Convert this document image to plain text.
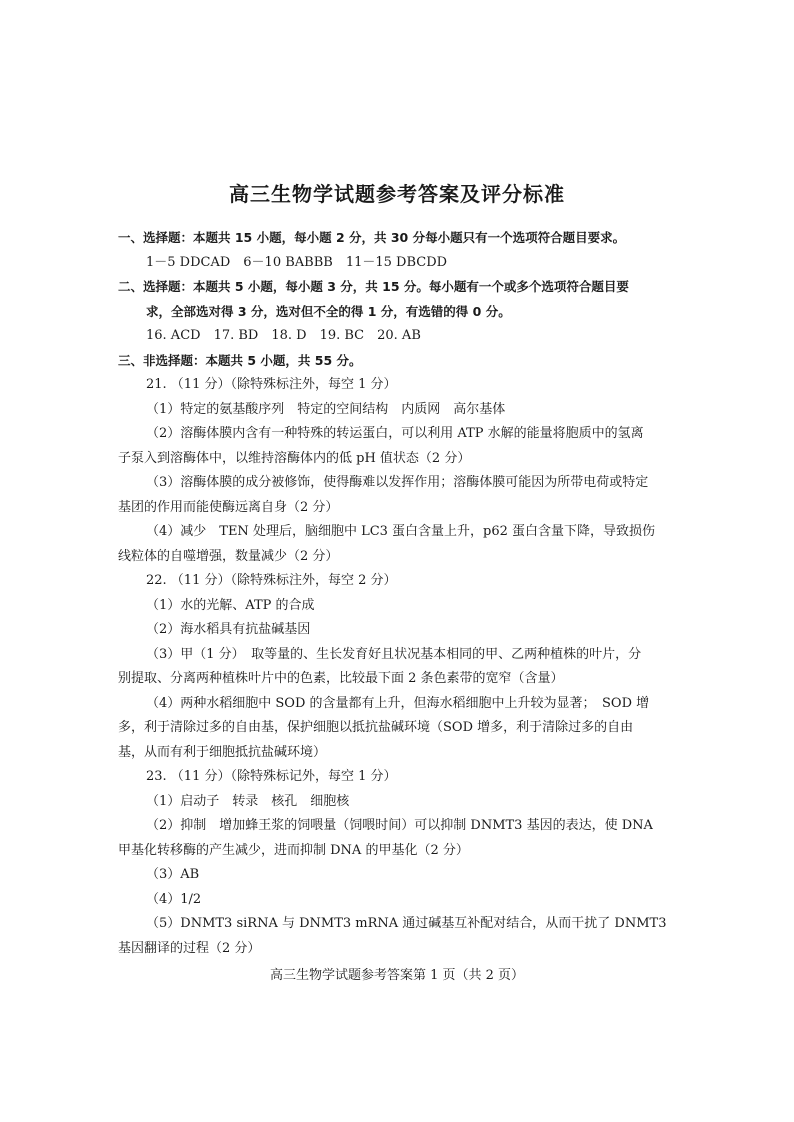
高三生物学试题参考答案及评分标准
一、选择题：本题共 15 小题，每小题 2 分，共 30 分每小题只有一个选项符合题目要求。
1－5 DDCAD　6－10 BABBB　11－15 DBCDD
二、选择题：本题共 5 小题，每小题 3 分，共 15 分。每小题有一个或多个选项符合题目要
求，全部选对得 3 分，选对但不全的得 1 分，有选错的得 0 分。
16. ACD　17. BD　18. D　19. BC　20. AB
三、非选择题：本题共 5 小题，共 55 分。
21. （11 分）（除特殊标注外，每空 1 分）
（1）特定的氨基酸序列　特定的空间结构　内质网　高尔基体
（2）溶酶体膜内含有一种特殊的转运蛋白，可以利用 ATP 水解的能量将胞质中的氢离
子泵入到溶酶体中，以维持溶酶体内的低 pH 值状态（2 分）
（3）溶酶体膜的成分被修饰，使得酶难以发挥作用；溶酶体膜可能因为所带电荷或特定
基团的作用而能使酶远离自身（2 分）
（4）减少　TEN 处理后，脑细胞中 LC3 蛋白含量上升，p62 蛋白含量下降，导致损伤
线粒体的自噬增强，数量减少（2 分）
22. （11 分）（除特殊标注外，每空 2 分）
（1）水的光解、ATP 的合成
（2）海水稻具有抗盐碱基因
（3）甲（1 分）　取等量的、生长发育好且状况基本相同的甲、乙两种植株的叶片，分
别提取、分离两种植株叶片中的色素，比较最下面 2 条色素带的宽窄（含量）
（4）两种水稻细胞中 SOD 的含量都有上升，但海水稻细胞中上升较为显著；　SOD 增
多，利于清除过多的自由基，保护细胞以抵抗盐碱环境（SOD 增多，利于清除过多的自由
基，从而有利于细胞抵抗盐碱环境）
23. （11 分）（除特殊标记外，每空 1 分）
（1）启动子　转录　核孔　细胞核
（2）抑制　增加蜂王浆的饲喂量（饲喂时间）可以抑制 DNMT3 基因的表达，使 DNA
甲基化转移酶的产生减少，进而抑制 DNA 的甲基化（2 分）
（3）AB
（4）1/2
（5）DNMT3 siRNA 与 DNMT3 mRNA 通过碱基互补配对结合，从而干扰了 DNMT3
基因翻译的过程（2 分）
高三生物学试题参考答案第 1 页（共 2 页）
